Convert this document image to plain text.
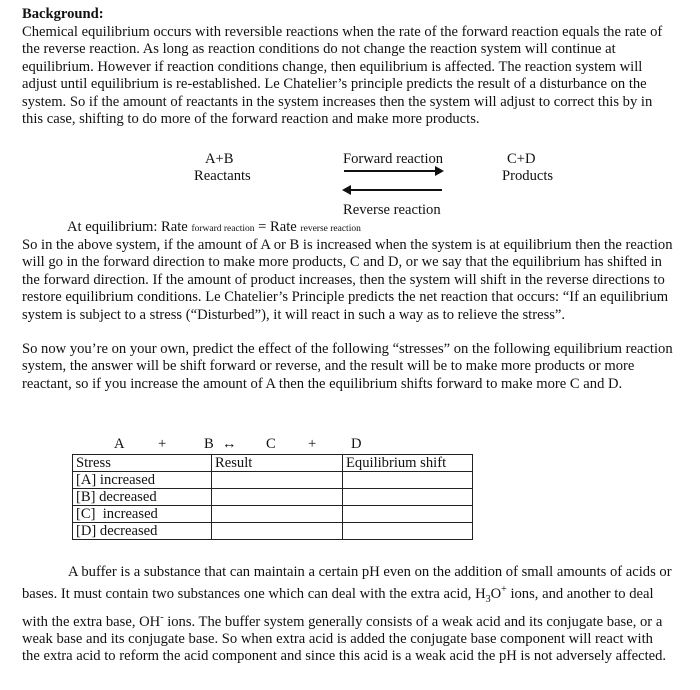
Background:

Chemical equilibrium occurs with reversible reactions when the rate of the forward reaction equals the rate of the reverse reaction. As long as reaction conditions do not change the reaction system will continue at equilibrium. However if reaction conditions change, then equilibrium is affected. The reaction system will adjust until equilibrium is re-established. Le Chatelier’s principle predicts the result of a disturbance on the system. So if the amount of reactants in the system increases then the system will adjust to correct this by in this case, shifting to do more of the forward reaction and make more products.

A+B
Reactants
Forward reaction	C+D
Products
Reverse reaction
At equilibrium: Rate forward reaction = Rate reverse reaction

So in the above system, if the amount of A or B is increased when the system is at equilibrium then the reaction will go in the forward direction to make more products, C and D, or we say that the equilibrium has shifted in the forward direction. If the amount of product increases, then the system will shift in the reverse directions to restore equilibrium conditions. Le Chatelier’s Principle predicts the net reaction that occurs: “If an equilibrium system is subject to a stress (“Disturbed”), it will react in such a way as to relieve the stress”.

So now you’re on your own, predict the effect of the following “stresses” on the following equilibrium reaction system, the answer will be shift forward or reverse, and the result will be to make more products or more reactant, so if you increase the amount of A then the equilibrium shifts forward to make more C and D.

A +	B ↔ C + D
Stress	Result	Equilibrium shift
[A] increased		
[B] decreased		
[C]  increased		
[D] decreased		

A buffer is a substance that can maintain a certain pH even on the addition of small amounts of acids or bases. It must contain two substances one which can deal with the extra acid, $H_3O^+$ ions, and another to deal with the extra base, OH- ions. The buffer system generally consists of a weak acid and its conjugate base, or a weak base and its conjugate base. So when extra acid is added the conjugate base component will react with the extra acid to reform the acid component and since this acid is a weak acid the pH is not adversely affected.
